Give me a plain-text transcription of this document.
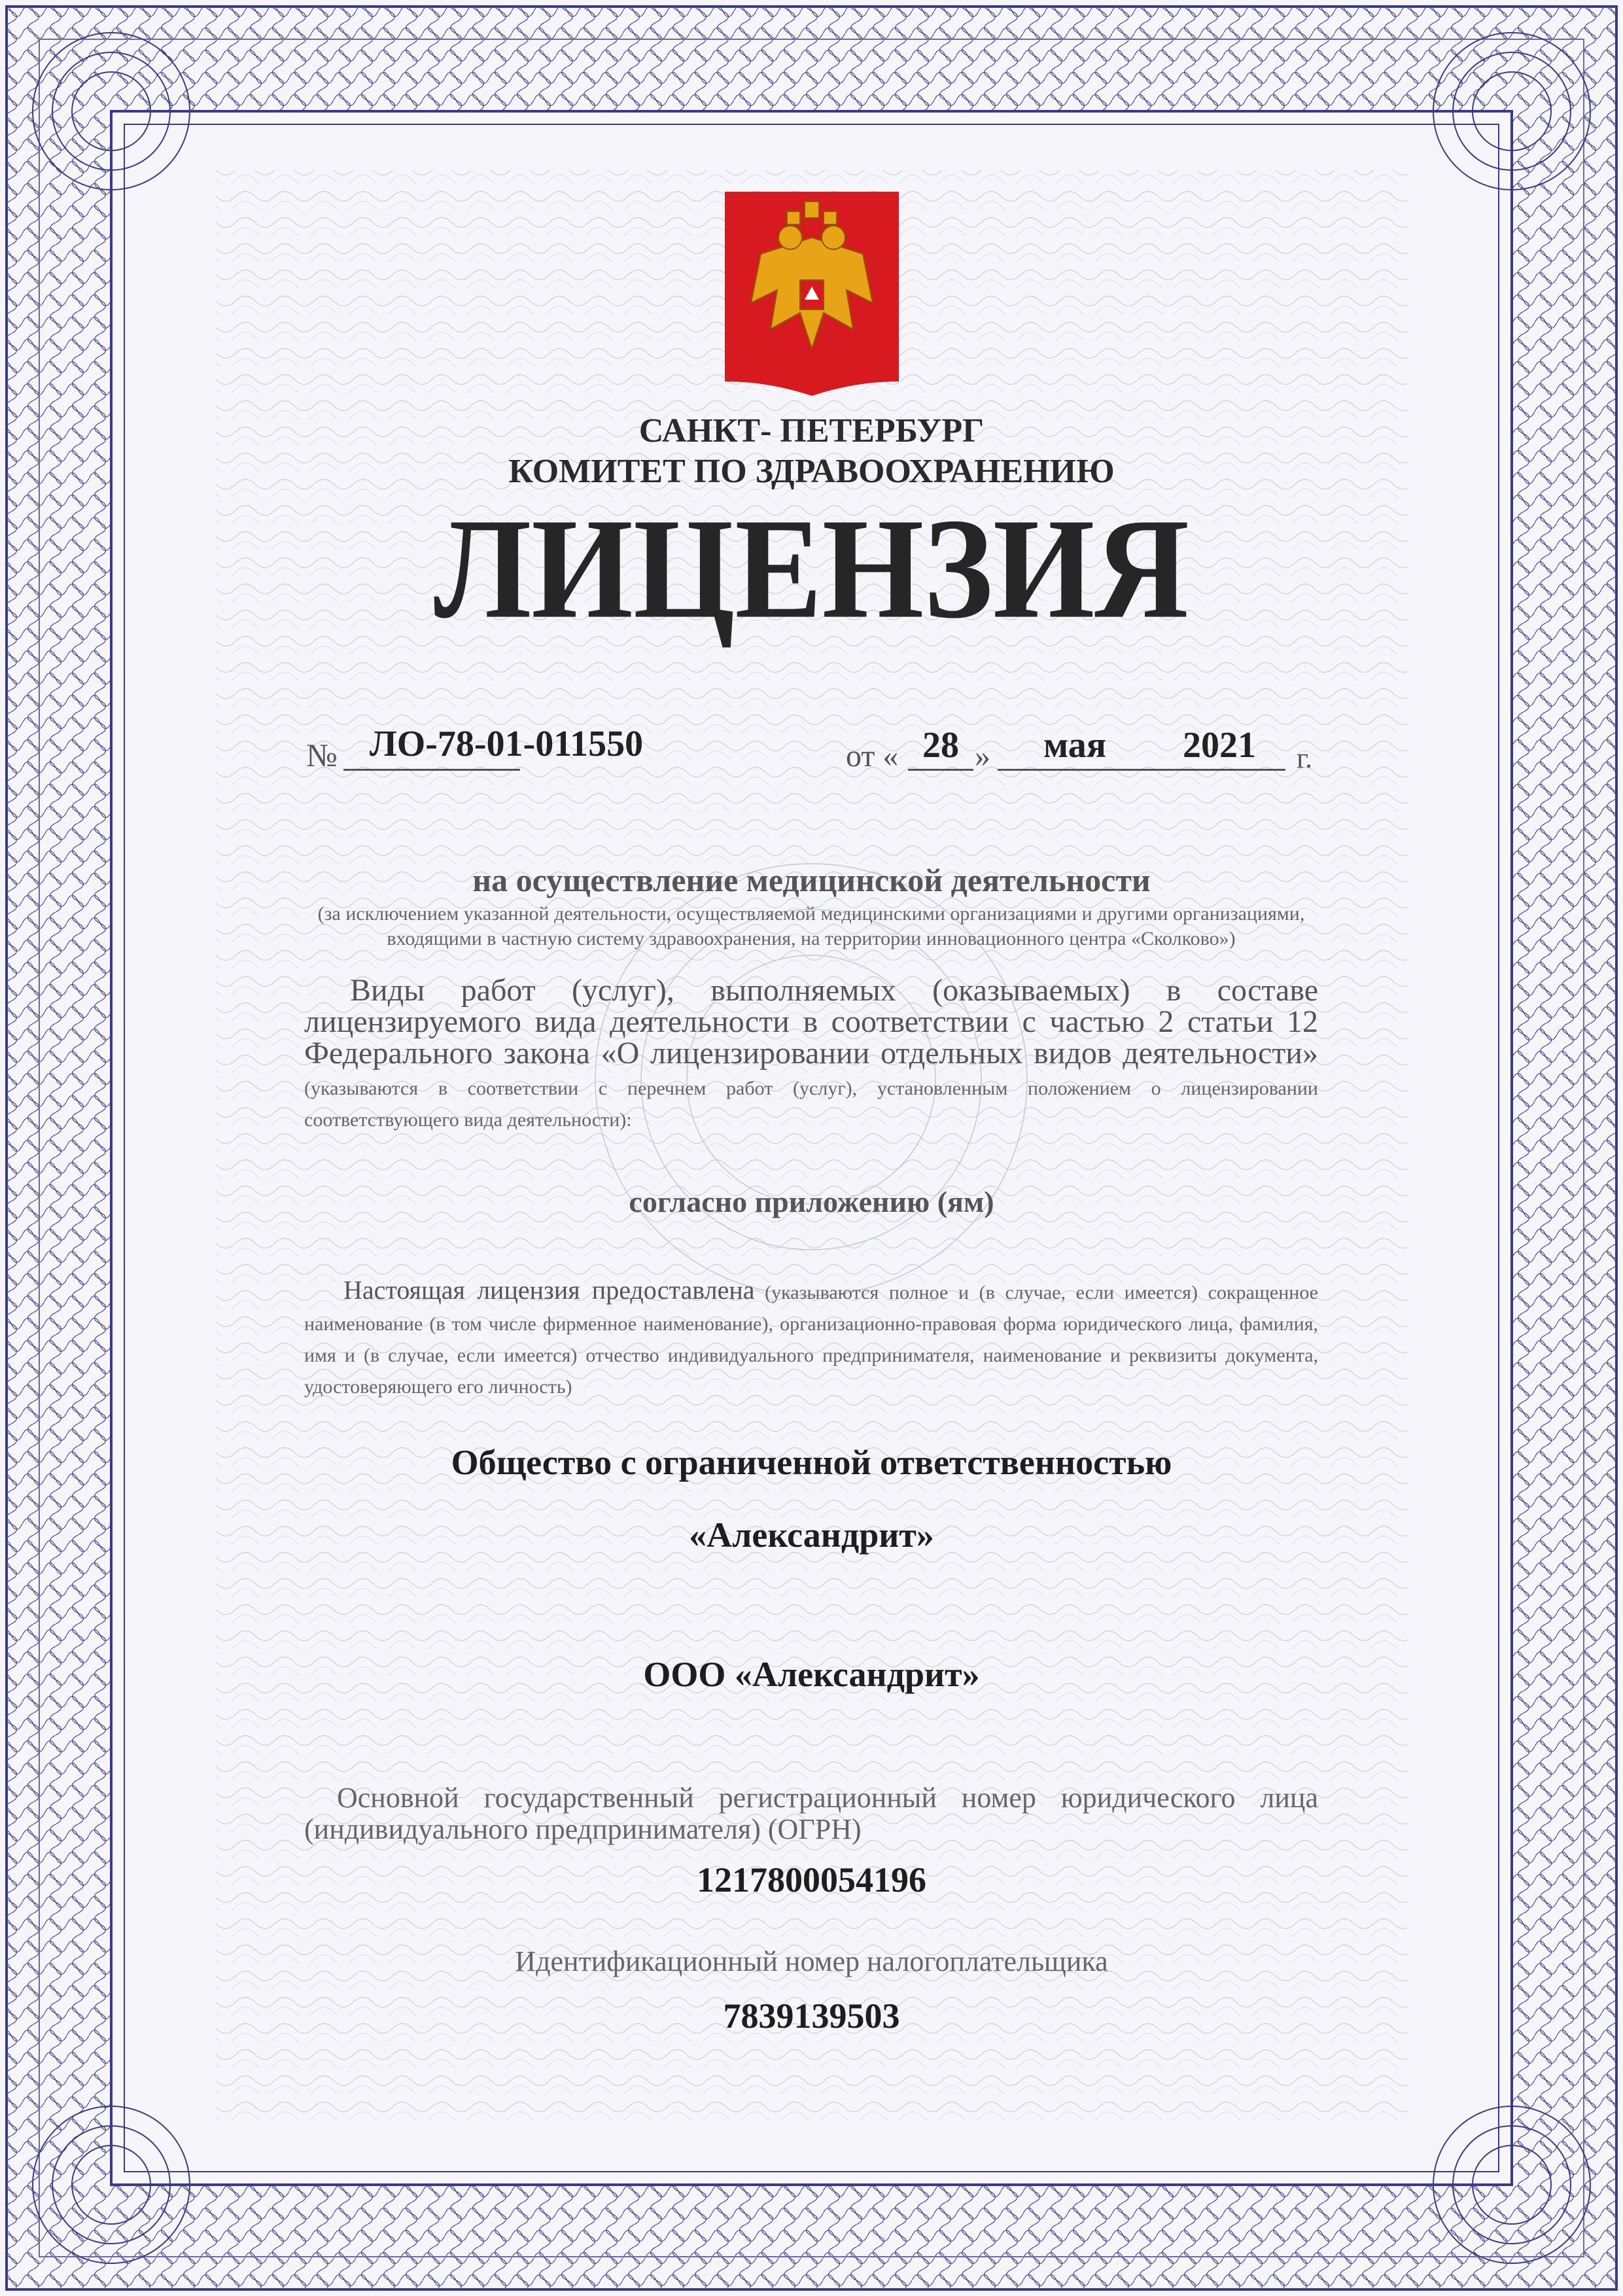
САНКТ- ПЕТЕРБУРГ
КОМИТЕТ ПО ЗДРАВООХРАНЕНИЮ
ЛИЦЕНЗИЯ
№ ЛО-78-01-011550	от « 28 » мая 2021 г.
на осуществление медицинской деятельности
(за исключением указанной деятельности, осуществляемой медицинскими организациями и другими организациями, входящими в частную систему здравоохранения, на территории инновационного центра «Сколково»)
Виды работ (услуг), выполняемых (оказываемых) в составе лицензируемого вида деятельности в соответствии с частью 2 статьи 12 Федерального закона «О лицензировании отдельных видов деятельности» (указываются в соответствии с перечнем работ (услуг), установленным положением о лицензировании соответствующего вида деятельности):
согласно приложению (ям)
Настоящая лицензия предоставлена (указываются полное и (в случае, если имеется) сокращенное наименование (в том числе фирменное наименование), организационно-правовая форма юридического лица, фамилия, имя и (в случае, если имеется) отчество индивидуального предпринимателя, наименование и реквизиты документа, удостоверяющего его личность)
Общество с ограниченной ответственностью
«Александрит»
ООО «Александрит»
Основной государственный регистрационный номер юридического лица (индивидуального предпринимателя) (ОГРН)
1217800054196
Идентификационный номер налогоплательщика
7839139503
